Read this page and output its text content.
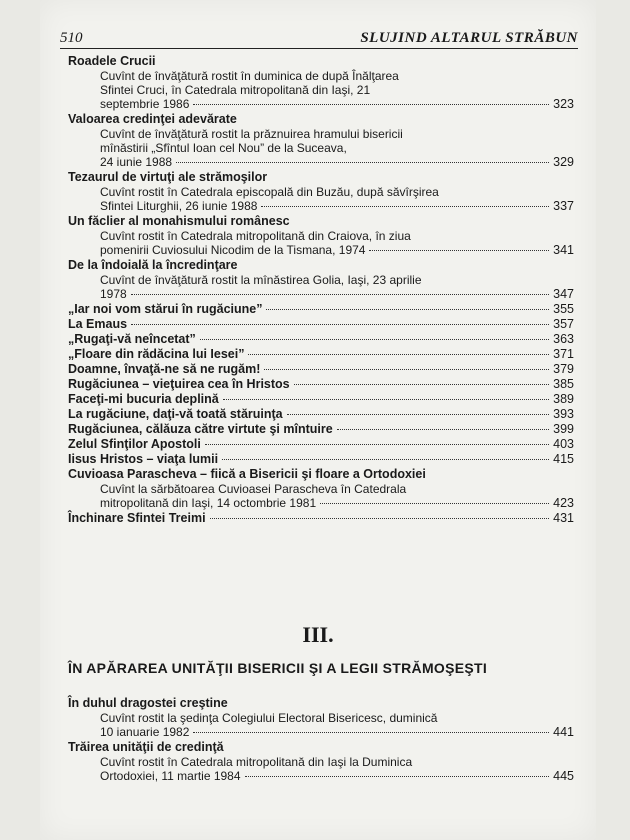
510	SLUJIND ALTARUL STRĂBUN
Roadele Crucii
Cuvînt de învăţătură rostit în duminica de după Înălţarea
Sfintei Cruci, în Catedrala mitropolitană din Iaşi, 21
septembrie 1986	323
Valoarea credinţei adevărate
Cuvînt de învăţătură rostit la prăznuirea hramului bisericii
mînăstirii „Sfîntul Ioan cel Nou” de la Suceava,
24 iunie 1988	329
Tezaurul de virtuţi ale strămoşilor
Cuvînt rostit în Catedrala episcopală din Buzău, după săvîrşirea
Sfintei Liturghii, 26 iunie 1988	337
Un făclier al monahismului românesc
Cuvînt rostit în Catedrala mitropolitană din Craiova, în ziua
pomenirii Cuviosului Nicodim de la Tismana, 1974	341
De la îndoială la încredinţare
Cuvînt de învăţătură rostit la mînăstirea Golia, Iaşi, 23 aprilie
1978	347
„Iar noi vom stărui în rugăciune”	355
La Emaus	357
„Rugaţi-vă neîncetat”	363
„Floare din rădăcina lui Iesei”	371
Doamne, învaţă-ne să ne rugăm!	379
Rugăciunea – vieţuirea cea în Hristos	385
Faceţi-mi bucuria deplină	389
La rugăciune, daţi-vă toată stăruinţa	393
Rugăciunea, călăuza către virtute şi mîntuire	399
Zelul Sfinţilor Apostoli	403
Iisus Hristos – viaţa lumii	415
Cuvioasa Parascheva – fiică a Bisericii şi floare a Ortodoxiei
Cuvînt la sărbătoarea Cuvioasei Parascheva în Catedrala
mitropolitană din Iaşi, 14 octombrie 1981	423
Închinare Sfintei Treimi	431
III.
ÎN APĂRAREA UNITĂŢII BISERICII ŞI A LEGII STRĂMOŞEŞTI
În duhul dragostei creştine
Cuvînt rostit la şedinţa Colegiului Electoral Bisericesc, duminică
10 ianuarie 1982	441
Trăirea unităţii de credinţă
Cuvînt rostit în Catedrala mitropolitană din Iaşi la Duminica
Ortodoxiei, 11 martie 1984	445
